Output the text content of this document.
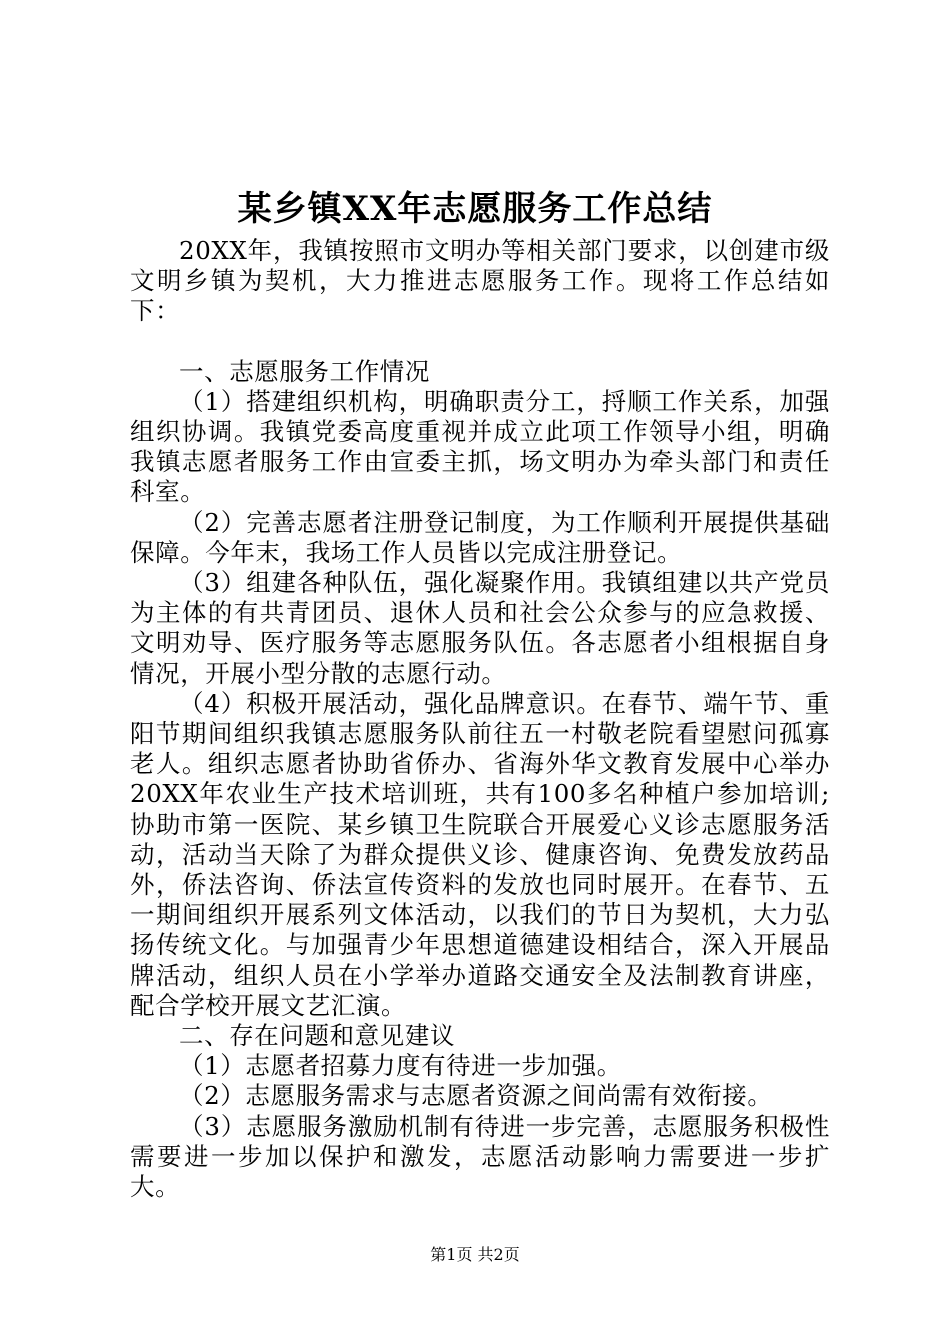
某乡镇XX年志愿服务工作总结

20XX年，我镇按照市文明办等相关部门要求，以创建市级文明乡镇为契机，大力推进志愿服务工作。现将工作总结如下：

一、志愿服务工作情况

（1）搭建组织机构，明确职责分工，捋顺工作关系，加强组织协调。我镇党委高度重视并成立此项工作领导小组，明确我镇志愿者服务工作由宣委主抓，场文明办为牵头部门和责任科室。

（2）完善志愿者注册登记制度，为工作顺利开展提供基础保障。今年末，我场工作人员皆以完成注册登记。

（3）组建各种队伍，强化凝聚作用。我镇组建以共产党员为主体的有共青团员、退休人员和社会公众参与的应急救援、文明劝导、医疗服务等志愿服务队伍。各志愿者小组根据自身情况，开展小型分散的志愿行动。

（4）积极开展活动，强化品牌意识。在春节、端午节、重阳节期间组织我镇志愿服务队前往五一村敬老院看望慰问孤寡老人。组织志愿者协助省侨办、省海外华文教育发展中心举办20XX年农业生产技术培训班，共有100多名种植户参加培训;协助市第一医院、某乡镇卫生院联合开展爱心义诊志愿服务活动，活动当天除了为群众提供义诊、健康咨询、免费发放药品外，侨法咨询、侨法宣传资料的发放也同时展开。在春节、五一期间组织开展系列文体活动，以我们的节日为契机，大力弘扬传统文化。与加强青少年思想道德建设相结合，深入开展品牌活动，组织人员在小学举办道路交通安全及法制教育讲座，配合学校开展文艺汇演。

二、存在问题和意见建议

（1）志愿者招募力度有待进一步加强。

（2）志愿服务需求与志愿者资源之间尚需有效衔接。

（3）志愿服务激励机制有待进一步完善，志愿服务积极性需要进一步加以保护和激发，志愿活动影响力需要进一步扩大。

第1页 共2页
